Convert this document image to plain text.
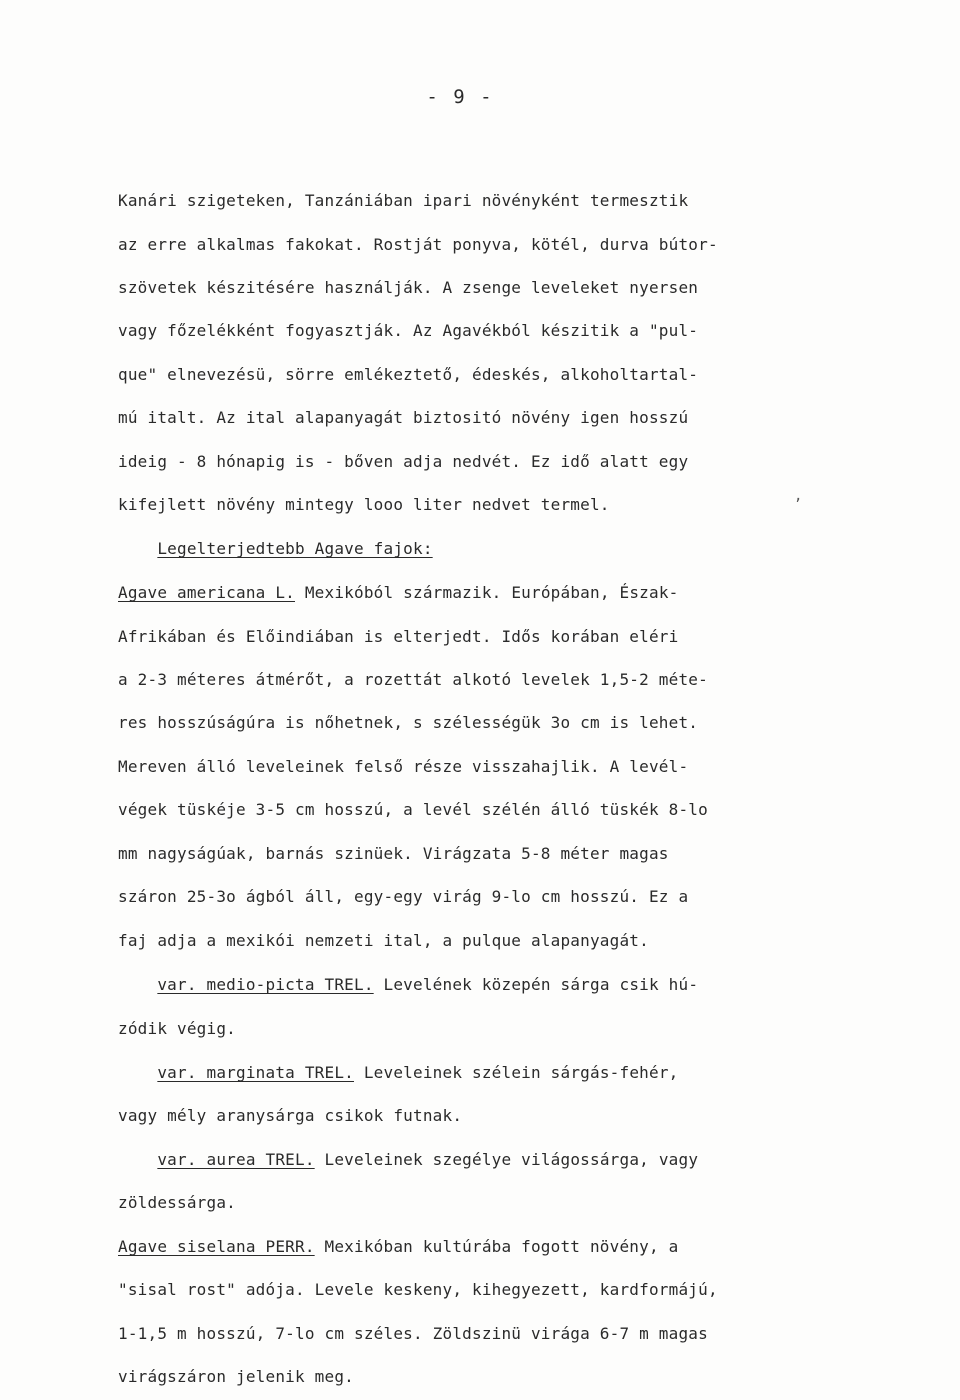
- 9 -
Kanári szigeteken, Tanzániában ipari növényként termesztik
az erre alkalmas fakokat. Rostját ponyva, kötél, durva bútor-
szövetek készitésére használják. A zsenge leveleket nyersen
vagy főzelékként fogyasztják. Az Agavékból készitik a "pul-
que" elnevezésü, sörre emlékeztető, édeskés, alkoholtartal-
mú italt. Az ital alapanyagát biztositó növény igen hosszú
ideig - 8 hónapig is - bőven adja nedvét. Ez idő alatt egy
kifejlett növény mintegy looo liter nedvet termel.
Legelterjedtebb Agave fajok:
Agave americana L. Mexikóból származik. Európában, Észak-
Afrikában és Előindiában is elterjedt. Idős korában eléri
a 2-3 méteres átmérőt, a rozettát alkotó levelek 1,5-2 méte-
res hosszúságúra is nőhetnek, s szélességük 3o cm is lehet.
Mereven álló leveleinek felső része visszahajlik. A levél-
végek tüskéje 3-5 cm hosszú, a levél szélén álló tüskék 8-lo
mm nagyságúak, barnás szinüek. Virágzata 5-8 méter magas
száron 25-3o ágból áll, egy-egy virág 9-lo cm hosszú. Ez a
faj adja a mexikói nemzeti ital, a pulque alapanyagát.
var. medio-picta TREL. Levelének közepén sárga csik hú-
zódik végig.
var. marginata TREL. Leveleinek szélein sárgás-fehér,
vagy mély aranysárga csikok futnak.
var. aurea TREL. Leveleinek szegélye világossárga, vagy
zöldessárga.
Agave siselana PERR. Mexikóban kultúrába fogott növény, a
"sisal rost" adója. Levele keskeny, kihegyezett, kardformájú,
1-1,5 m hosszú, 7-lo cm széles. Zöldszinü virága 6-7 m magas
virágszáron jelenik meg.
,
